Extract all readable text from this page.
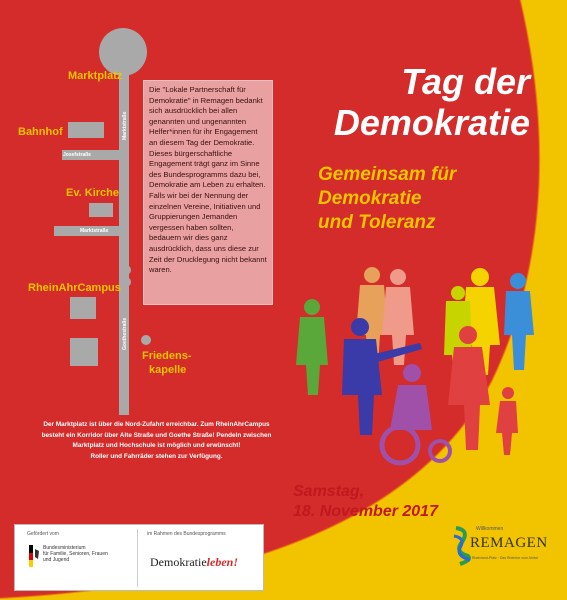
Marktplatz
Bahnhof
Ev. Kirche
RheinAhrCampus
Friedens-
kapelle
Josefstraße
Marktstraße
Marktstraße
Goethestraße
Die "Lokale Partnerschaft für Demokratie" in Remagen bedankt sich ausdrücklich bei allen genannten und ungenannten Helfer*innen für ihr Engagement an diesem Tag der Demokratie. Dieses bürgerschaftliche Engagement trägt ganz im Sinne des Bundesprogramms dazu bei, Demokratie am Leben zu erhalten. Falls wir bei der Nennung der einzelnen Vereine, Initiativen und Gruppierungen Jemanden vergessen haben sollten, bedauern wir dies ganz ausdrücklich, dass uns diese zur Zeit der Drucklegung nicht bekannt waren.
Tag der
Demokratie
Gemeinsam für
Demokratie
und Toleranz
Der Marktplatz ist über die Nord-Zufahrt erreichbar. Zum RheinAhrCampus
besteht ein Korridor über Alte Straße und Goethe Straße! Pendeln zwischen
Marktplatz und Hochschule ist möglich und erwünscht!
Roller und Fahrräder stehen zur Verfügung.
Samstag,
18. November 2017
Gefördert vom
Bundesministerium
für Familie, Senioren, Frauen
und Jugend
im Rahmen des Bundesprogramms
Demokratieleben!
Willkommen
REMAGEN
Rheinland-Pfalz · Das Rheintor zum Ahrtal
